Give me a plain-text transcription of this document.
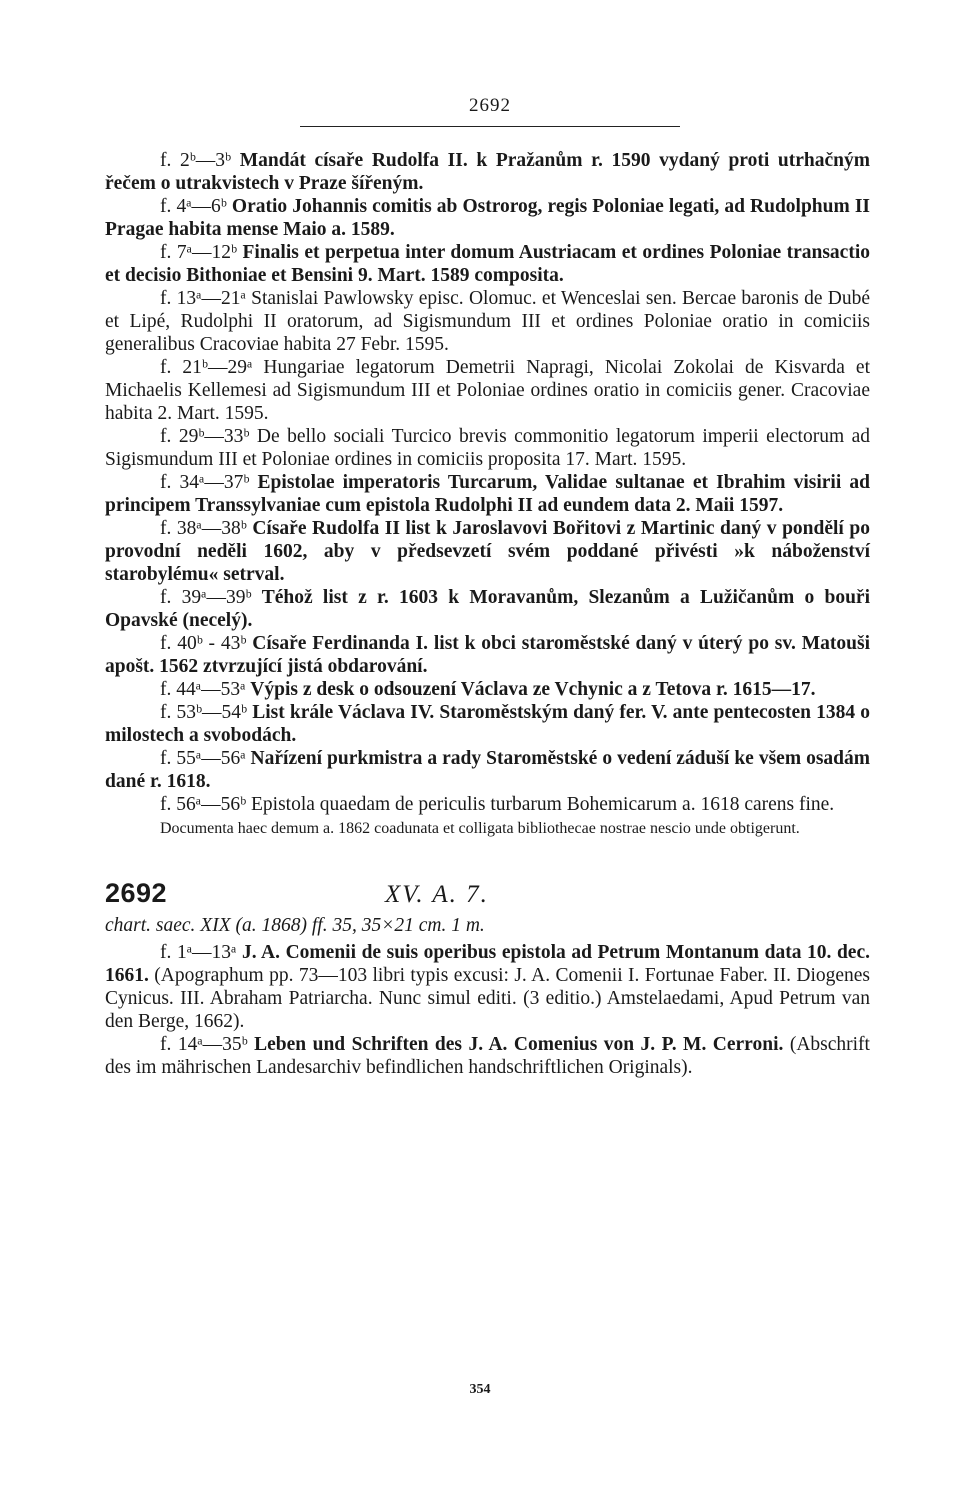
2692

f. 2ᵇ—3ᵇ Mandát císaře Rudolfa II. k Pražanům r. 1590 vydaný proti utrhačným řečem o utrakvistech v Praze šířeným.

f. 4ᵃ—6ᵇ Oratio Johannis comitis ab Ostrorog, regis Poloniae legati, ad Rudolphum II Pragae habita mense Maio a. 1589.

f. 7ᵃ—12ᵇ Finalis et perpetua inter domum Austriacam et ordines Poloniae transactio et decisio Bithoniae et Bensini 9. Mart. 1589 composita.

f. 13ᵃ—21ᵃ Stanislai Pawlowsky episc. Olomuc. et Wenceslai sen. Bercae baronis de Dubé et Lipé, Rudolphi II oratorum, ad Sigismundum III et ordines Poloniae oratio in comiciis generalibus Cracoviae habita 27 Febr. 1595.

f. 21ᵇ—29ᵃ Hungariae legatorum Demetrii Napragi, Nicolai Zokolai de Kisvarda et Michaelis Kellemesi ad Sigismundum III et Poloniae ordines oratio in comiciis gener. Cracoviae habita 2. Mart. 1595.

f. 29ᵇ—33ᵇ De bello sociali Turcico brevis commonitio legatorum imperii electorum ad Sigismundum III et Poloniae ordines in comiciis proposita 17. Mart. 1595.

f. 34ᵃ—37ᵇ Epistolae imperatoris Turcarum, Validae sultanae et Ibrahim visirii ad principem Transsylvaniae cum epistola Rudolphi II ad eundem data 2. Maii 1597.

f. 38ᵃ—38ᵇ Císaře Rudolfa II list k Jaroslavovi Bořitovi z Martinic daný v pondělí po provodní neděli 1602, aby v předsevzetí svém poddané přivésti »k náboženství starobylému« setrval.

f. 39ᵃ—39ᵇ Téhož list z r. 1603 k Moravanům, Slezanům a Lužičanům o bouři Opavské (necelý).

f. 40ᵇ - 43ᵇ Císaře Ferdinanda I. list k obci staroměstské daný v úterý po sv. Matouši apošt. 1562 ztvrzující jistá obdarování.

f. 44ᵃ—53ᵃ Výpis z desk o odsouzení Václava ze Vchynic a z Tetova r. 1615—17.

f. 53ᵇ—54ᵇ List krále Václava IV. Staroměstským daný fer. V. ante pentecosten 1384 o milostech a svobodách.

f. 55ᵃ—56ᵃ Nařízení purkmistra a rady Staroměstské o vedení záduší ke všem osadám dané r. 1618.

f. 56ᵃ—56ᵇ Epistola quaedam de periculis turbarum Bohemicarum a. 1618 carens fine.

Documenta haec demum a. 1862 coadunata et colligata bibliothecae nostrae nescio unde obtigerunt.
2692	XV. A. 7.
chart. saec. XIX (a. 1868) ff. 35, 35×21 cm. 1 m.

f. 1ᵃ—13ᵃ J. A. Comenii de suis operibus epistola ad Petrum Montanum data 10. dec. 1661. (Apographum pp. 73—103 libri typis excusi: J. A. Comenii I. Fortunae Faber. II. Diogenes Cynicus. III. Abraham Patriarcha. Nunc simul editi. (3 editio.) Amstelaedami, Apud Petrum van den Berge, 1662).

f. 14ᵃ—35ᵇ Leben und Schriften des J. A. Comenius von J. P. M. Cerroni. (Abschrift des im mährischen Landesarchiv befindlichen handschriftlichen Originals).

354
